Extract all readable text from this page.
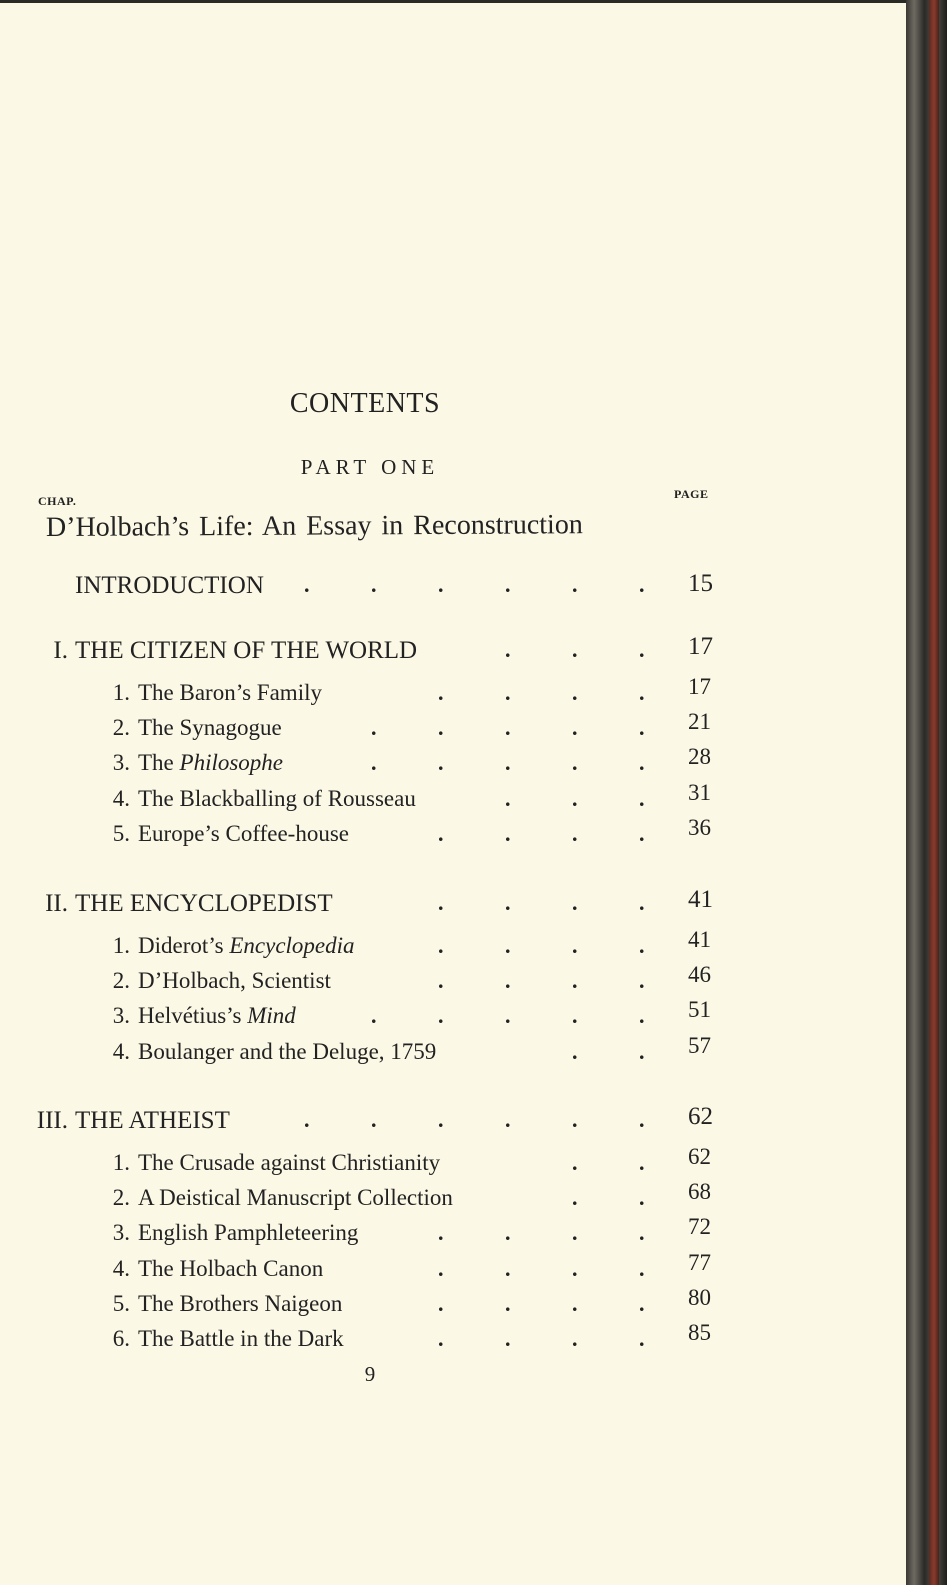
CONTENTS
PART ONE
CHAP.	PAGE
D’Holbach’s Life: An Essay in Reconstruction
INTRODUCTION .	.	.	.	.	. 15
I. THE CITIZEN OF THE WORLD	.	.	. 17
1. The Baron’s Family	.	.	.	. 17
2. The Synagogue	.	.	.	.	. 21
3. The Philosophe	.	.	.	.	. 28
4. The Blackballing of Rousseau	.	.	. 31
5. Europe’s Coffee-house	.	.	.	. 36
II. THE ENCYCLOPEDIST	.	.	.	. 41
1. Diderot’s Encyclopedia	.	.	.	. 41
2. D’Holbach, Scientist	.	.	.	. 46
3. Helvétius’s Mind	.	.	.	.	. 51
4. Boulanger and the Deluge, 1759	.	. 57
III. THE ATHEIST	.	.	.	.	.	. 62
1. The Crusade against Christianity	.	. 62
2. A Deistical Manuscript Collection	.	. 68
3. English Pamphleteering	.	.	.	. 72
4. The Holbach Canon	.	.	.	. 77
5. The Brothers Naigeon	.	.	.	. 80
6. The Battle in the Dark	.	.	.	. 85
9
